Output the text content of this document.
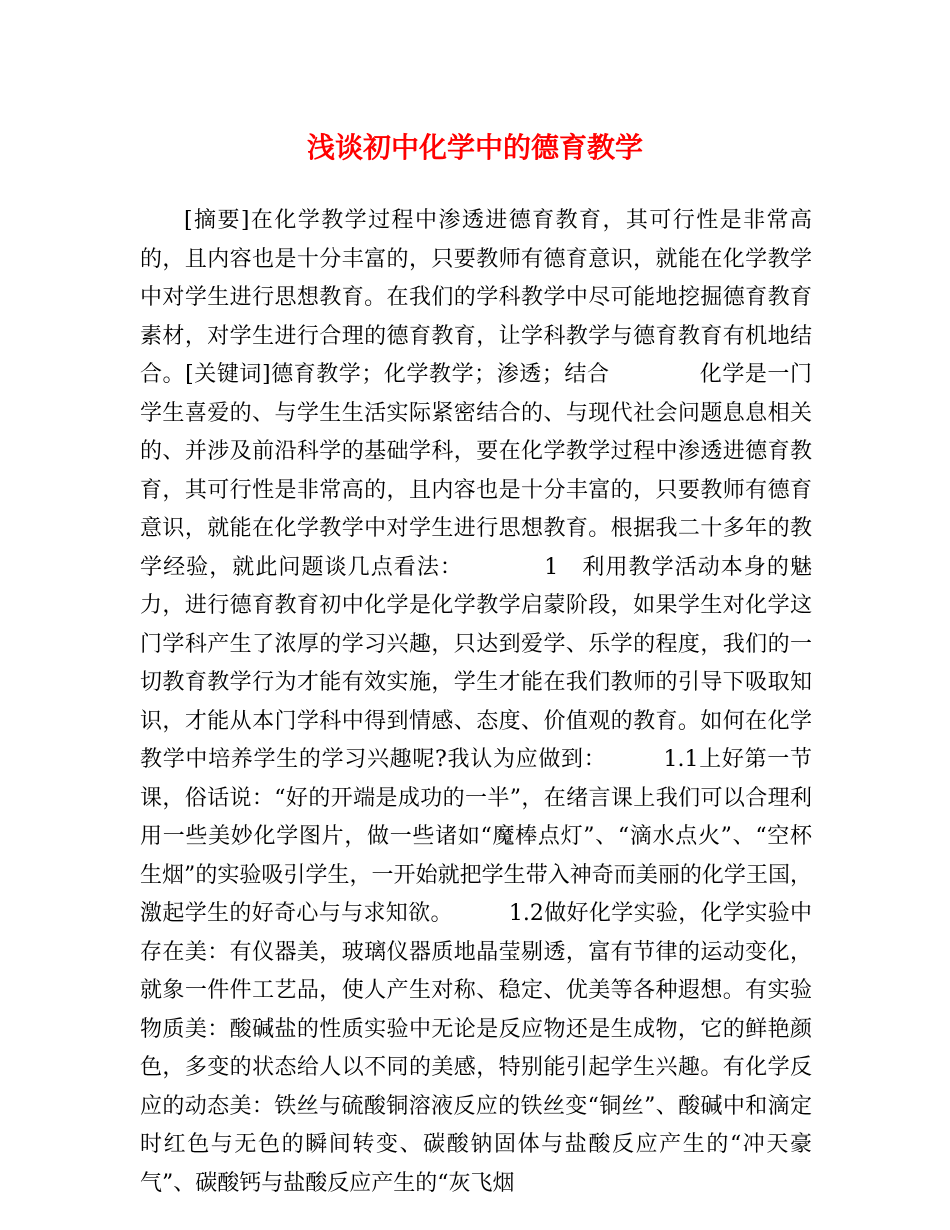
浅谈初中化学中的德育教学

[摘要]在化学教学过程中渗透进德育教育，其可行性是非常高的，且内容也是十分丰富的，只要教师有德育意识，就能在化学教学中对学生进行思想教育。在我们的学科教学中尽可能地挖掘德育教育素材，对学生进行合理的德育教育，让学科教学与德育教育有机地结合。[关键词]德育教学；化学教学；渗透；结合　　　　化学是一门学生喜爱的、与学生生活实际紧密结合的、与现代社会问题息息相关的、并涉及前沿科学的基础学科，要在化学教学过程中渗透进德育教育，其可行性是非常高的，且内容也是十分丰富的，只要教师有德育意识，就能在化学教学中对学生进行思想教育。根据我二十多年的教学经验，就此问题谈几点看法：　　　　1　利用教学活动本身的魅力，进行德育教育初中化学是化学教学启蒙阶段，如果学生对化学这门学科产生了浓厚的学习兴趣，只达到爱学、乐学的程度，我们的一切教育教学行为才能有效实施，学生才能在我们教师的引导下吸取知识，才能从本门学科中得到情感、态度、价值观的教育。如何在化学教学中培养学生的学习兴趣呢?我认为应做到：　　　1.1上好第一节课，俗话说：“好的开端是成功的一半”，在绪言课上我们可以合理利用一些美妙化学图片，做一些诸如“魔棒点灯”、“滴水点火”、“空杯生烟”的实验吸引学生，一开始就把学生带入神奇而美丽的化学王国，激起学生的好奇心与与求知欲。　　　1.2做好化学实验，化学实验中存在美：有仪器美，玻璃仪器质地晶莹剔透，富有节律的运动变化，就象一件件工艺品，使人产生对称、稳定、优美等各种遐想。有实验物质美：酸碱盐的性质实验中无论是反应物还是生成物，它的鲜艳颜色，多变的状态给人以不同的美感，特别能引起学生兴趣。有化学反应的动态美：铁丝与硫酸铜溶液反应的铁丝变“铜丝”、酸碱中和滴定时红色与无色的瞬间转变、碳酸钠固体与盐酸反应产生的“冲天豪气”、碳酸钙与盐酸反应产生的“灰飞烟
